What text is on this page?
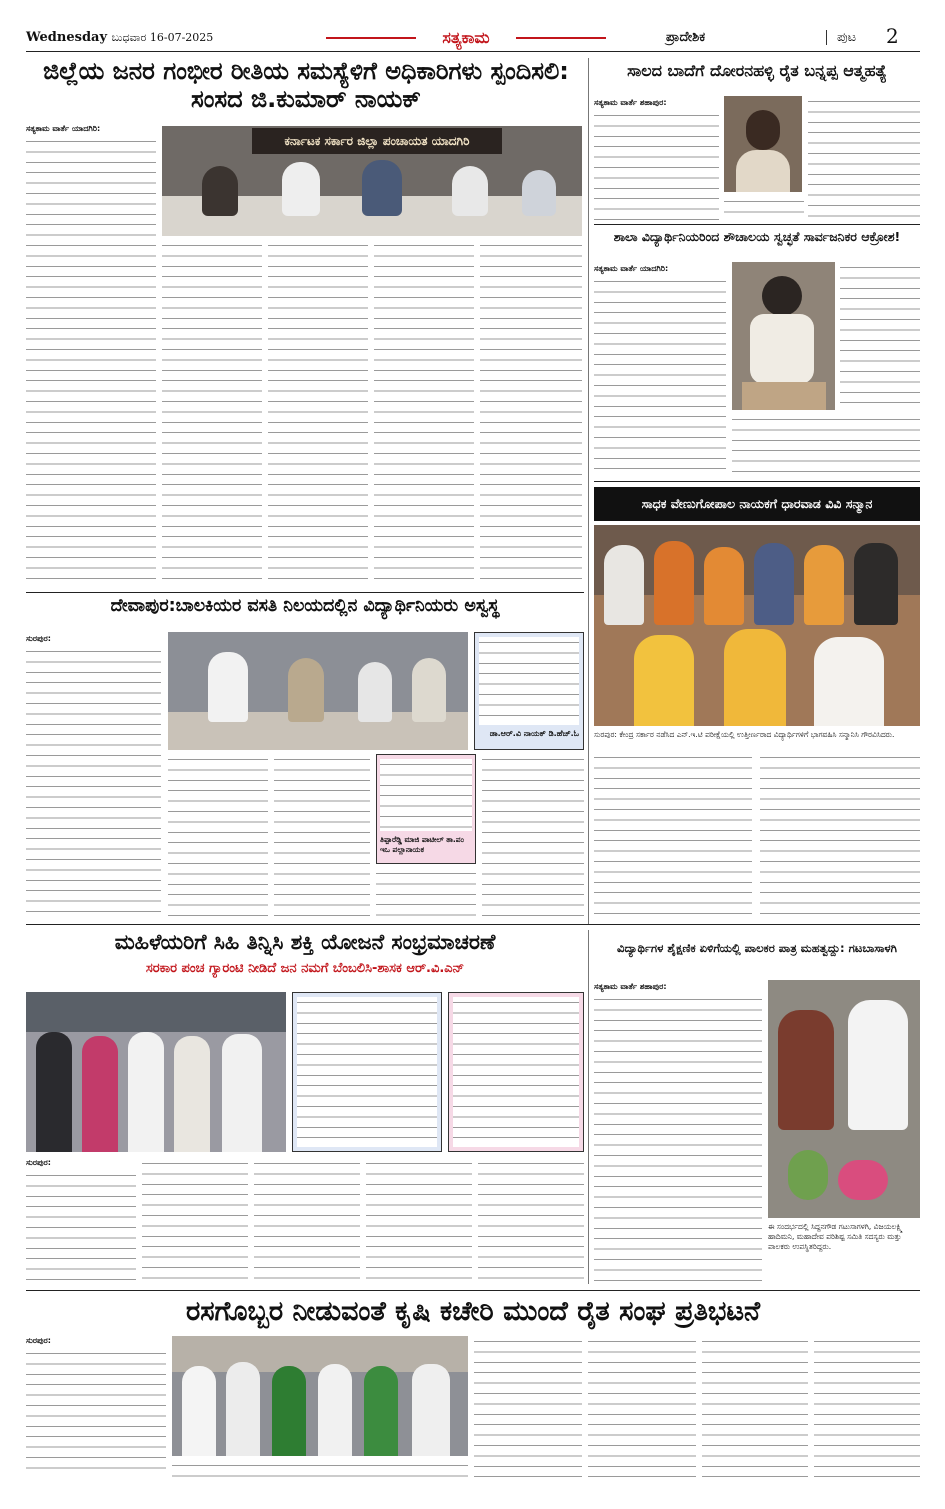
Wednesday ಬುಧವಾರ 16-07-2025	ಸತ್ಯಕಾಮ	ಪ್ರಾದೇಶಿಕ	ಪುಟ 2
ಜಿಲ್ಲೆಯ ಜನರ ಗಂಭೀರ ರೀತಿಯ ಸಮಸ್ಯೆಳಿಗೆ ಅಧಿಕಾರಿಗಳು ಸ್ಪಂದಿಸಲಿ: ಸಂಸದ ಜಿ.ಕುಮಾರ್ ನಾಯಕ್
ಸತ್ಯಕಾಮ ವಾರ್ತೆ ಯಾದಗಿರಿ:
ಕರ್ನಾಟಕ ಸರ್ಕಾರ ಜಿಲ್ಲಾ ಪಂಚಾಯತ ಯಾದಗಿರಿ
ಸಾಲದ ಬಾದೆಗೆ ದೋರನಹಳ್ಳಿ ರೈತ ಬನ್ನಪ್ಪ ಆತ್ಮಹತ್ಯೆ
ಸತ್ಯಕಾಮ ವಾರ್ತೆ ಶಹಾಪುರ:
ಶಾಲಾ ವಿದ್ಯಾರ್ಥಿನಿಯರಿಂದ ಶೌಚಾಲಯ ಸ್ವಚ್ಛತೆ ಸಾರ್ವಜನಿಕರ ಆಕ್ರೋಶ!
ಸತ್ಯಕಾಮ ವಾರ್ತೆ ಯಾದಗಿರಿ:
ಸಾಧಕ ವೇಣುಗೋಪಾಲ ನಾಯಕಗೆ ಧಾರವಾಡ ವಿವಿ ಸನ್ಮಾನ
ಸುರಪುರ: ಕೇಂದ್ರ ಸರ್ಕಾರ ನಡೆಸಿದ ಎನ್.ಇ.ಟಿ ಪರೀಕ್ಷೆಯಲ್ಲಿ ಉತ್ತೀರ್ಣರಾದ ವಿದ್ಯಾರ್ಥಿಗಳಿಗೆ ಭಾಗವಹಿಸಿ ಸನ್ಮಾನಿಸಿ ಗೌರವಿಸಿದರು.
ದೇವಾಪುರ:ಬಾಲಕಿಯರ ವಸತಿ ನಿಲಯದಲ್ಲಿನ ವಿದ್ಯಾರ್ಥಿನಿಯರು ಅಸ್ವಸ್ಥ
ಸುರಪುರ:
ಡಾ.ಆರ್.ವಿ ನಾಯಕ್ ಡಿ.ಹೆಚ್.ಓ
ತಿಪ್ಪಾರೆಡ್ಡಿ ಮಾಜಿ ಪಾಟೀಲ್ ತಾ.ಪಂ ಇಒ ಪಲ್ಲಾನಾಯಕ
ಮಹಿಳೆಯರಿಗೆ ಸಿಹಿ ತಿನ್ನಿಸಿ ಶಕ್ತಿ ಯೋಜನೆ ಸಂಭ್ರಮಾಚರಣೆ
ಸರಕಾರ ಪಂಚ ಗ್ಯಾರಂಟಿ ನೀಡಿದೆ ಜನ ನಮಗೆ ಬೆಂಬಲಿಸಿ-ಶಾಸಕ ಆರ್.ವಿ.ಎನ್
ಸುರಪುರ:
ವಿದ್ಯಾರ್ಥಿಗಳ ಶೈಕ್ಷಣಿಕ ಏಳಿಗೆಯಲ್ಲಿ ಪಾಲಕರ ಪಾತ್ರ ಮಹತ್ವದ್ದು: ಗಟಬಾಸಾಳಗಿ
ಸತ್ಯಕಾಮ ವಾರ್ತೆ ಶಹಾಪುರ:
ಈ ಸಂದರ್ಭದಲ್ಲಿ ಸಿದ್ದನಗೌಡ ಗಟುಸಾಗಳಗಿ, ವಿಜಯಲಕ್ಷ್ಮಿ ಹಾದಿಮನಿ, ಮಹಾದೇವ ಪರಿಶಿಷ್ಟ ಸಮಿತಿ ಸದಸ್ಯರು ಮತ್ತು ಪಾಲಕರು ಉಪಸ್ಥಿತರಿದ್ದರು.
ರಸಗೊಬ್ಬರ ನೀಡುವಂತೆ ಕೃಷಿ ಕಚೇರಿ ಮುಂದೆ ರೈತ ಸಂಘ ಪ್ರತಿಭಟನೆ
ಸುರಪುರ:
